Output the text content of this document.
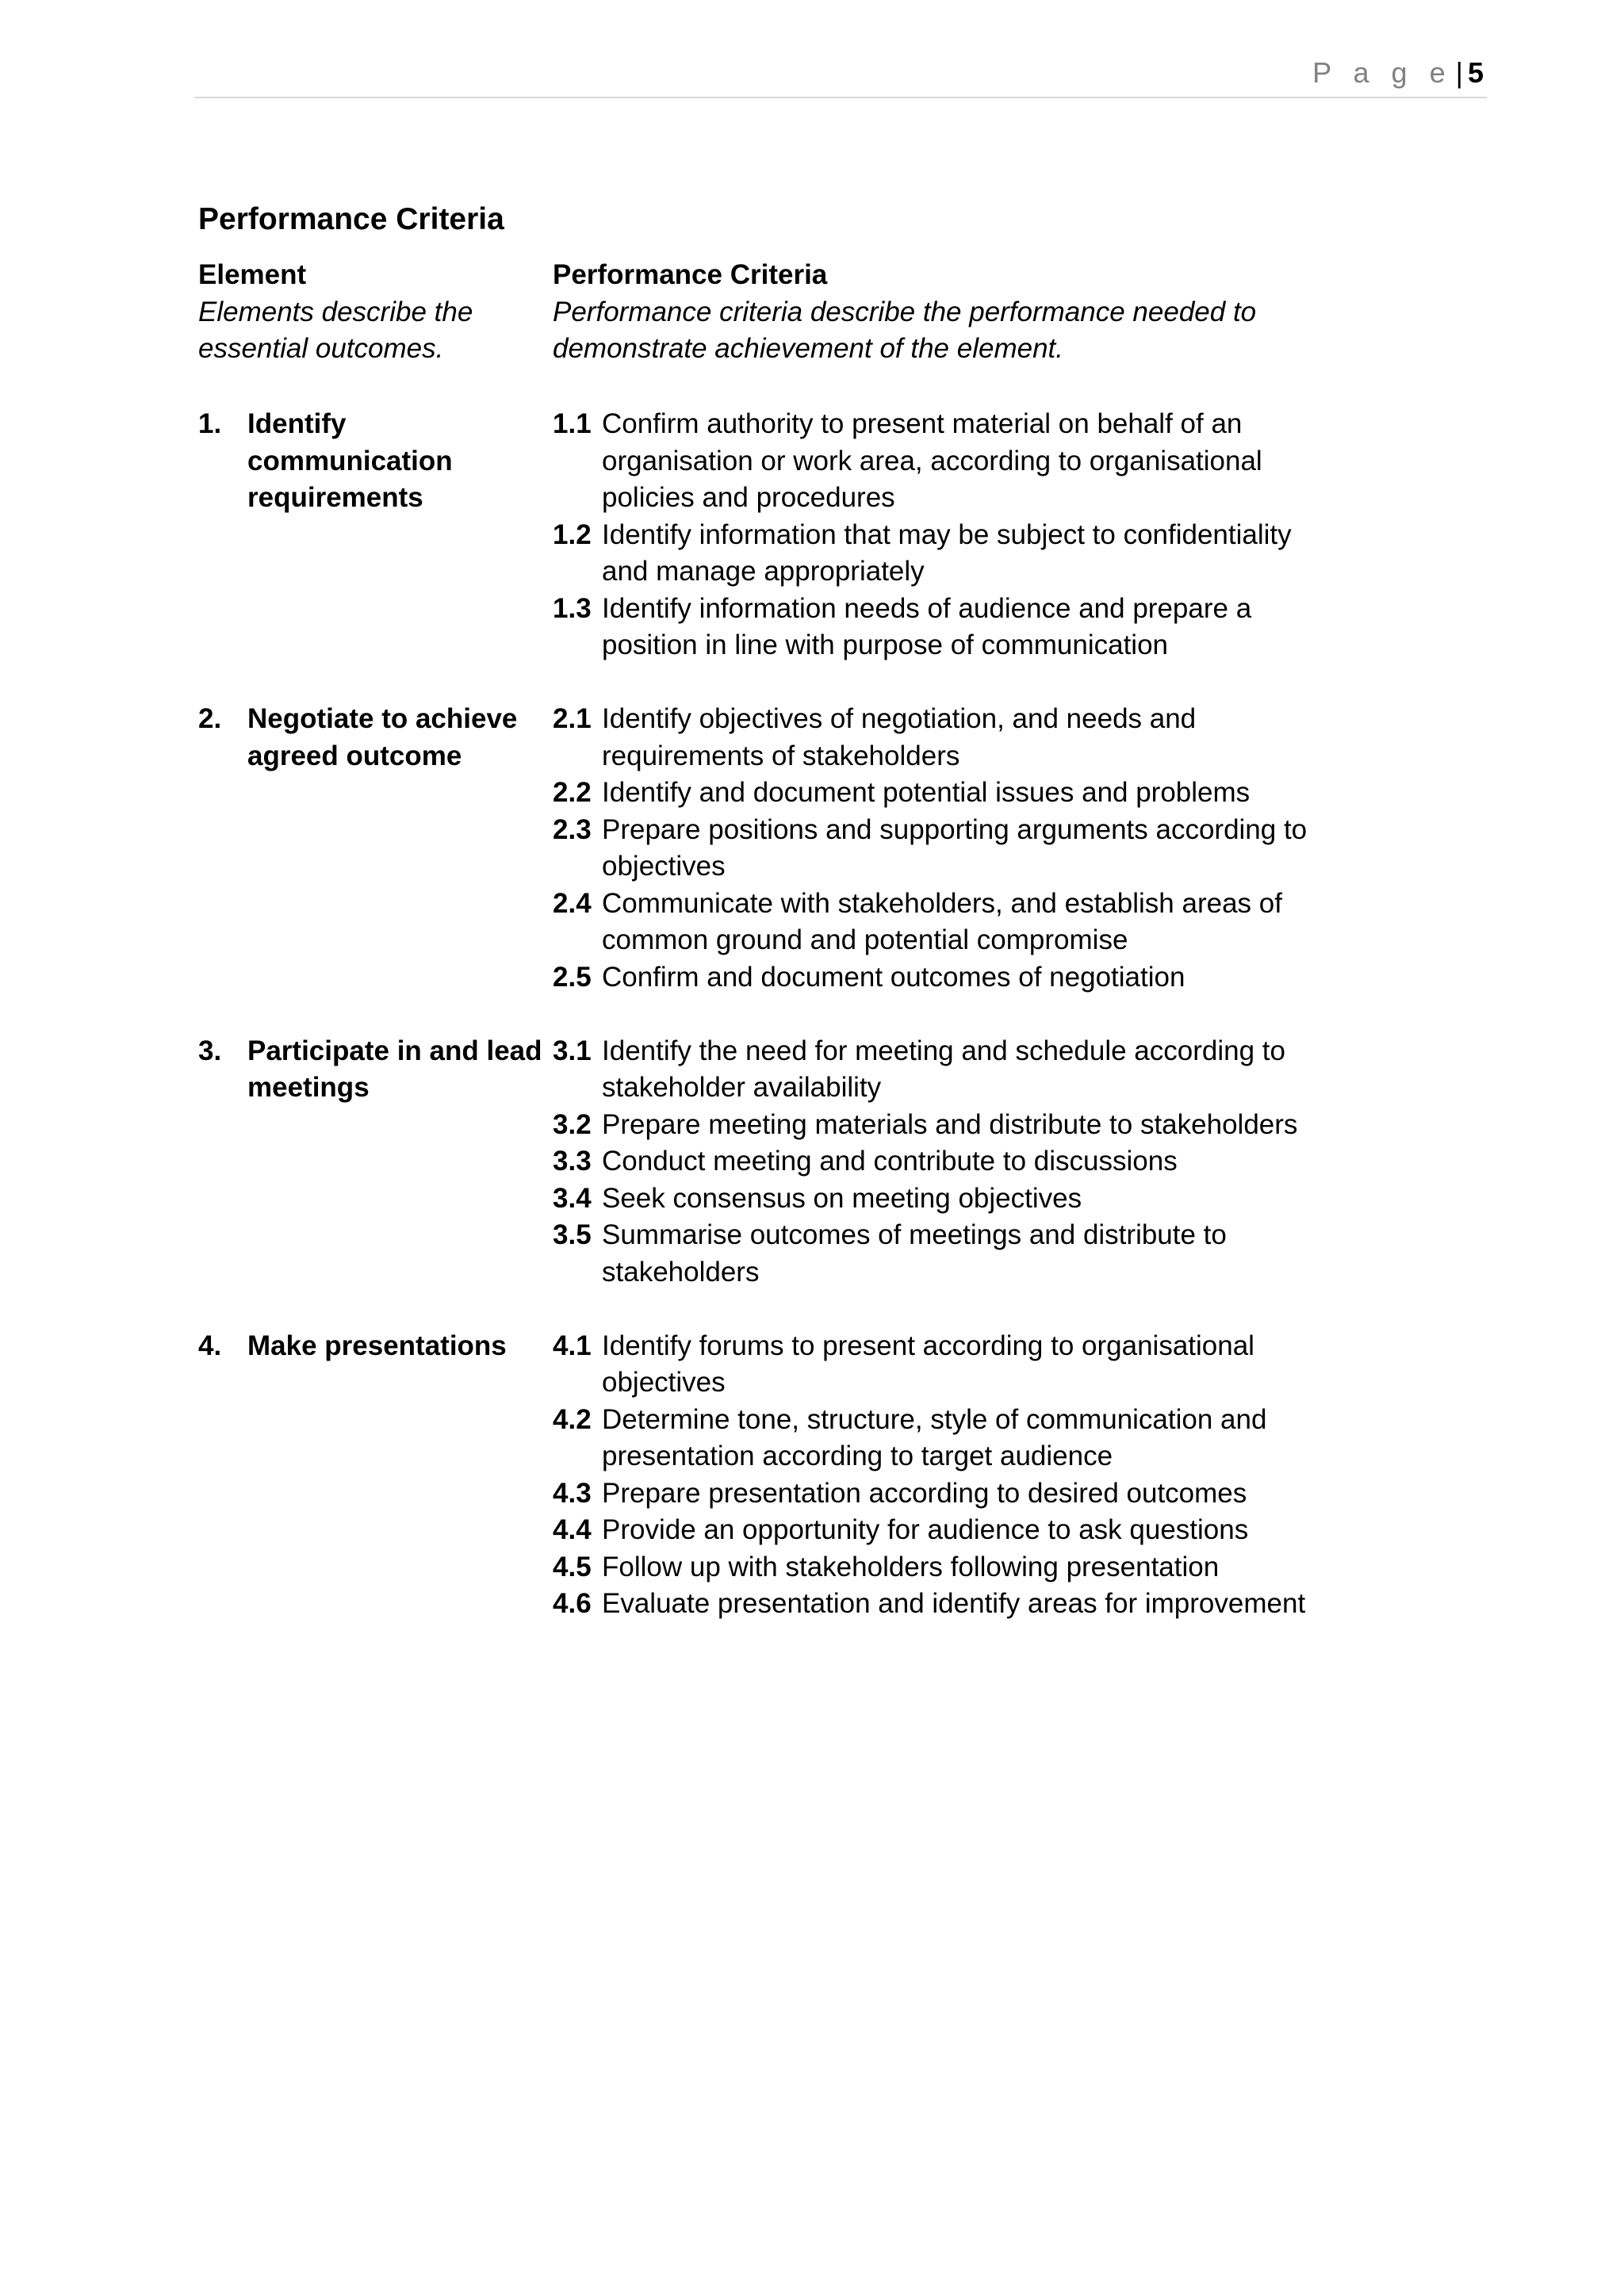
P a g e | 5
Performance Criteria
Element
Elements describe the
essential outcomes.
Performance Criteria
Performance criteria describe the performance needed to
demonstrate achievement of the element.
1. Identify
communication
requirements
1.1 Confirm authority to present material on behalf of an
organisation or work area, according to organisational
policies and procedures
1.2 Identify information that may be subject to confidentiality
and manage appropriately
1.3 Identify information needs of audience and prepare a
position in line with purpose of communication
2. Negotiate to achieve
agreed outcome
2.1 Identify objectives of negotiation, and needs and
requirements of stakeholders
2.2 Identify and document potential issues and problems
2.3 Prepare positions and supporting arguments according to
objectives
2.4 Communicate with stakeholders, and establish areas of
common ground and potential compromise
2.5 Confirm and document outcomes of negotiation
3. Participate in and lead
meetings
3.1 Identify the need for meeting and schedule according to
stakeholder availability
3.2 Prepare meeting materials and distribute to stakeholders
3.3 Conduct meeting and contribute to discussions
3.4 Seek consensus on meeting objectives
3.5 Summarise outcomes of meetings and distribute to
stakeholders
4. Make presentations	4.1 Identify forums to present according to organisational
objectives
4.2 Determine tone, structure, style of communication and
presentation according to target audience
4.3 Prepare presentation according to desired outcomes
4.4 Provide an opportunity for audience to ask questions
4.5 Follow up with stakeholders following presentation
4.6 Evaluate presentation and identify areas for improvement
